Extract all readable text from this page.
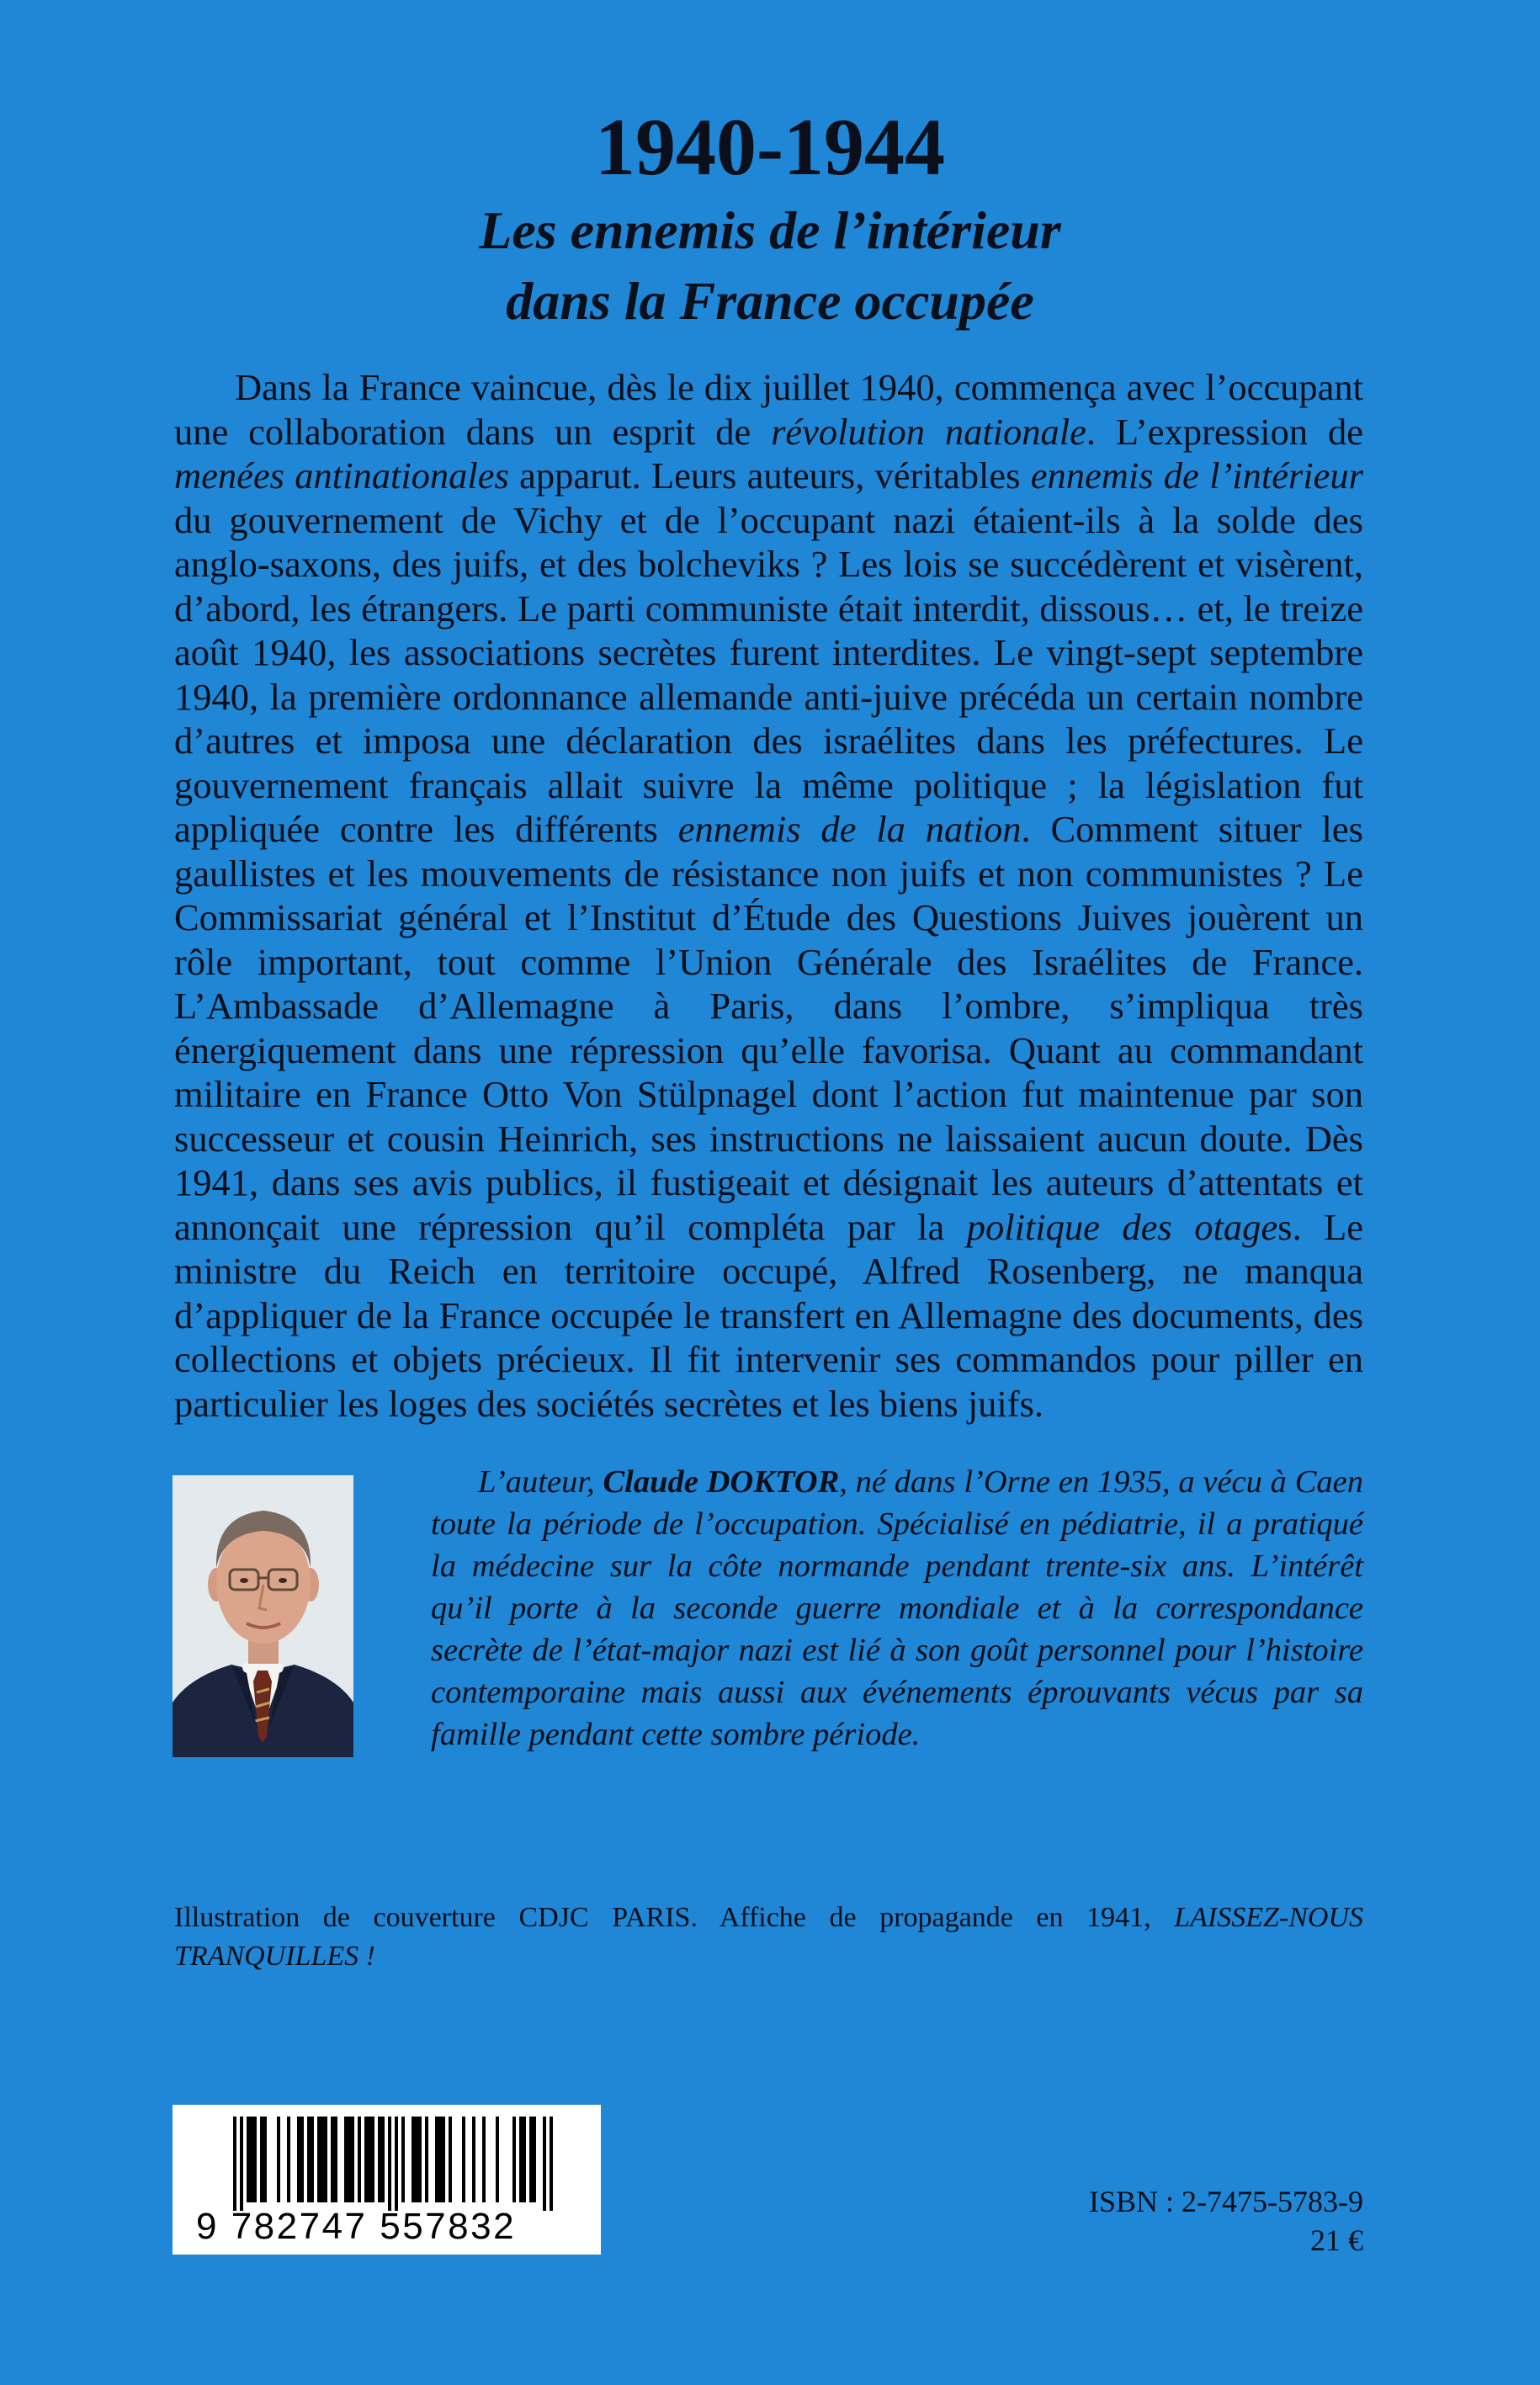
1940-1944
Les ennemis de l’intérieur
dans la France occupée

Dans la France vaincue, dès le dix juillet 1940, commença avec l’occupant une collaboration dans un esprit de révolution nationale. L’expression de menées antinationales apparut. Leurs auteurs, véritables ennemis de l’intérieur du gouvernement de Vichy et de l’occupant nazi étaient-ils à la solde des anglo-saxons, des juifs, et des bolcheviks ? Les lois se succédèrent et visèrent, d’abord, les étrangers. Le parti communiste était interdit, dissous… et, le treize août 1940, les associations secrètes furent interdites. Le vingt-sept septembre 1940, la première ordonnance allemande anti-juive précéda un certain nombre d’autres et imposa une déclaration des israélites dans les préfectures. Le gouvernement français allait suivre la même politique ; la législation fut appliquée contre les différents ennemis de la nation. Comment situer les gaullistes et les mouvements de résistance non juifs et non communistes ? Le Commissariat général et l’Institut d’Étude des Questions Juives jouèrent un rôle important, tout comme l’Union Générale des Israélites de France. L’Ambassade d’Allemagne à Paris, dans l’ombre, s’impliqua très énergiquement dans une répression qu’elle favorisa. Quant au commandant militaire en France Otto Von Stülpnagel dont l’action fut maintenue par son successeur et cousin Heinrich, ses instructions ne laissaient aucun doute. Dès 1941, dans ses avis publics, il fustigeait et désignait les auteurs d’attentats et annonçait une répression qu’il compléta par la politique des otages. Le ministre du Reich en territoire occupé, Alfred Rosenberg, ne manqua d’appliquer de la France occupée le transfert en Allemagne des documents, des collections et objets précieux. Il fit intervenir ses commandos pour piller en particulier les loges des sociétés secrètes et les biens juifs.

L’auteur, Claude DOKTOR, né dans l’Orne en 1935, a vécu à Caen toute la période de l’occupation. Spécialisé en pédiatrie, il a pratiqué la médecine sur la côte normande pendant trente-six ans. L’intérêt qu’il porte à la seconde guerre mondiale et à la correspondance secrète de l’état-major nazi est lié à son goût personnel pour l’histoire contemporaine mais aussi aux événements éprouvants vécus par sa famille pendant cette sombre période.

Illustration de couverture CDJC PARIS. Affiche de propagande en 1941, LAISSEZ-NOUS TRANQUILLES !

9 782747 557832
ISBN : 2-7475-5783-9
21 €
